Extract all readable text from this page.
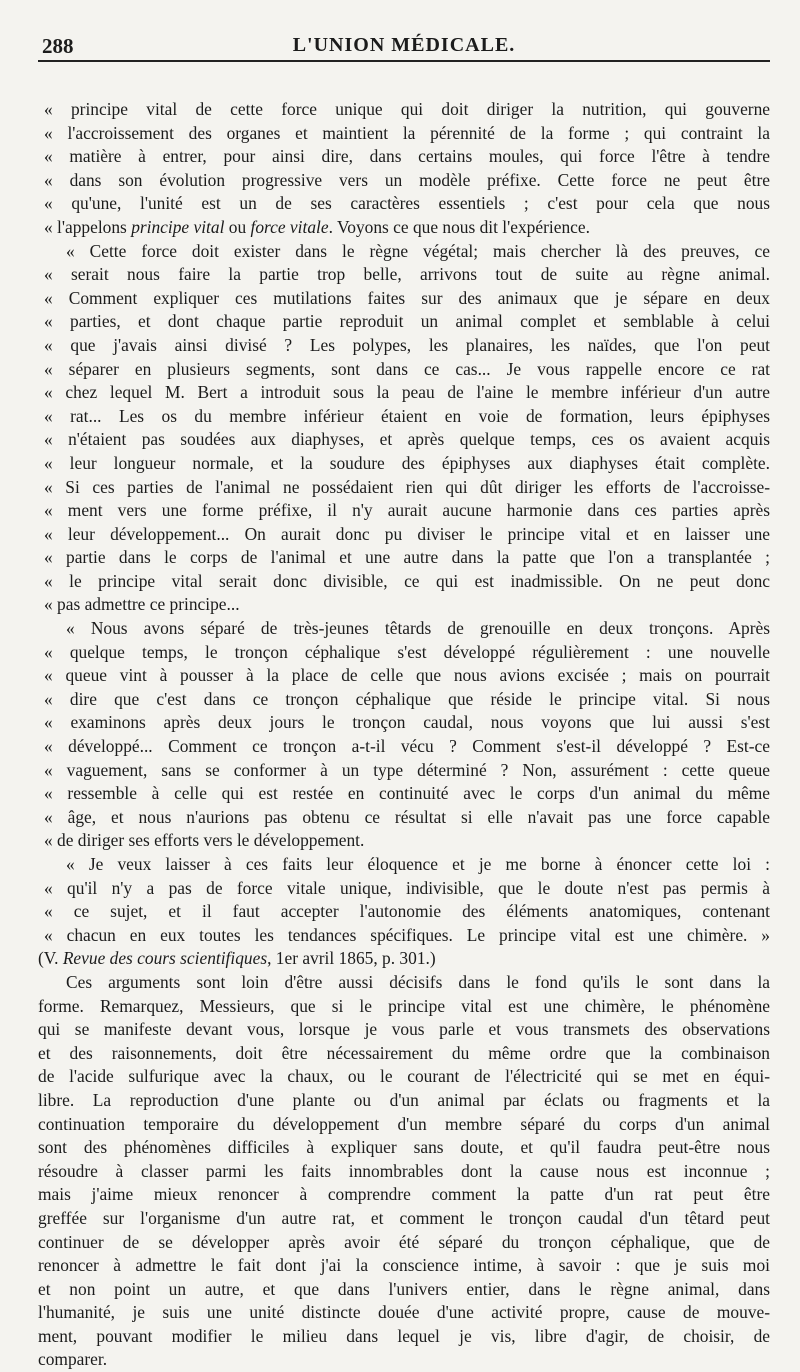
288	L'UNION MÉDICALE.
« principe vital de cette force unique qui doit diriger la nutrition, qui gouverne
« l'accroissement des organes et maintient la pérennité de la forme ; qui contraint la
« matière à entrer, pour ainsi dire, dans certains moules, qui force l'être à tendre
« dans son évolution progressive vers un modèle préfixe. Cette force ne peut être
« qu'une, l'unité est un de ses caractères essentiels ; c'est pour cela que nous
« l'appelons principe vital ou force vitale. Voyons ce que nous dit l'expérience.
« Cette force doit exister dans le règne végétal; mais chercher là des preuves, ce
« serait nous faire la partie trop belle, arrivons tout de suite au règne animal.
« Comment expliquer ces mutilations faites sur des animaux que je sépare en deux
« parties, et dont chaque partie reproduit un animal complet et semblable à celui
« que j'avais ainsi divisé ? Les polypes, les planaires, les naïdes, que l'on peut
« séparer en plusieurs segments, sont dans ce cas... Je vous rappelle encore ce rat
« chez lequel M. Bert a introduit sous la peau de l'aine le membre inférieur d'un autre
« rat... Les os du membre inférieur étaient en voie de formation, leurs épiphyses
« n'étaient pas soudées aux diaphyses, et après quelque temps, ces os avaient acquis
« leur longueur normale, et la soudure des épiphyses aux diaphyses était complète.
« Si ces parties de l'animal ne possédaient rien qui dût diriger les efforts de l'accroisse-
« ment vers une forme préfixe, il n'y aurait aucune harmonie dans ces parties après
« leur développement... On aurait donc pu diviser le principe vital et en laisser une
« partie dans le corps de l'animal et une autre dans la patte que l'on a transplantée ;
« le principe vital serait donc divisible, ce qui est inadmissible. On ne peut donc
« pas admettre ce principe...
« Nous avons séparé de très-jeunes têtards de grenouille en deux tronçons. Après
« quelque temps, le tronçon céphalique s'est développé régulièrement : une nouvelle
« queue vint à pousser à la place de celle que nous avions excisée ; mais on pourrait
« dire que c'est dans ce tronçon céphalique que réside le principe vital. Si nous
« examinons après deux jours le tronçon caudal, nous voyons que lui aussi s'est
« développé... Comment ce tronçon a-t-il vécu ? Comment s'est-il développé ? Est-ce
« vaguement, sans se conformer à un type déterminé ? Non, assurément : cette queue
« ressemble à celle qui est restée en continuité avec le corps d'un animal du même
« âge, et nous n'aurions pas obtenu ce résultat si elle n'avait pas une force capable
« de diriger ses efforts vers le développement.
« Je veux laisser à ces faits leur éloquence et je me borne à énoncer cette loi :
« qu'il n'y a pas de force vitale unique, indivisible, que le doute n'est pas permis à
« ce sujet, et il faut accepter l'autonomie des éléments anatomiques, contenant
« chacun en eux toutes les tendances spécifiques. Le principe vital est une chimère. »
(V. Revue des cours scientifiques, 1er avril 1865, p. 301.)
Ces arguments sont loin d'être aussi décisifs dans le fond qu'ils le sont dans la
forme. Remarquez, Messieurs, que si le principe vital est une chimère, le phénomène
qui se manifeste devant vous, lorsque je vous parle et vous transmets des observations
et des raisonnements, doit être nécessairement du même ordre que la combinaison
de l'acide sulfurique avec la chaux, ou le courant de l'électricité qui se met en équi-
libre. La reproduction d'une plante ou d'un animal par éclats ou fragments et la
continuation temporaire du développement d'un membre séparé du corps d'un animal
sont des phénomènes difficiles à expliquer sans doute, et qu'il faudra peut-être nous
résoudre à classer parmi les faits innombrables dont la cause nous est inconnue ;
mais j'aime mieux renoncer à comprendre comment la patte d'un rat peut être
greffée sur l'organisme d'un autre rat, et comment le tronçon caudal d'un têtard peut
continuer de se développer après avoir été séparé du tronçon céphalique, que de
renoncer à admettre le fait dont j'ai la conscience intime, à savoir : que je suis moi
et non point un autre, et que dans l'univers entier, dans le règne animal, dans
l'humanité, je suis une unité distincte douée d'une activité propre, cause de mouve-
ment, pouvant modifier le milieu dans lequel je vis, libre d'agir, de choisir, de
comparer.
